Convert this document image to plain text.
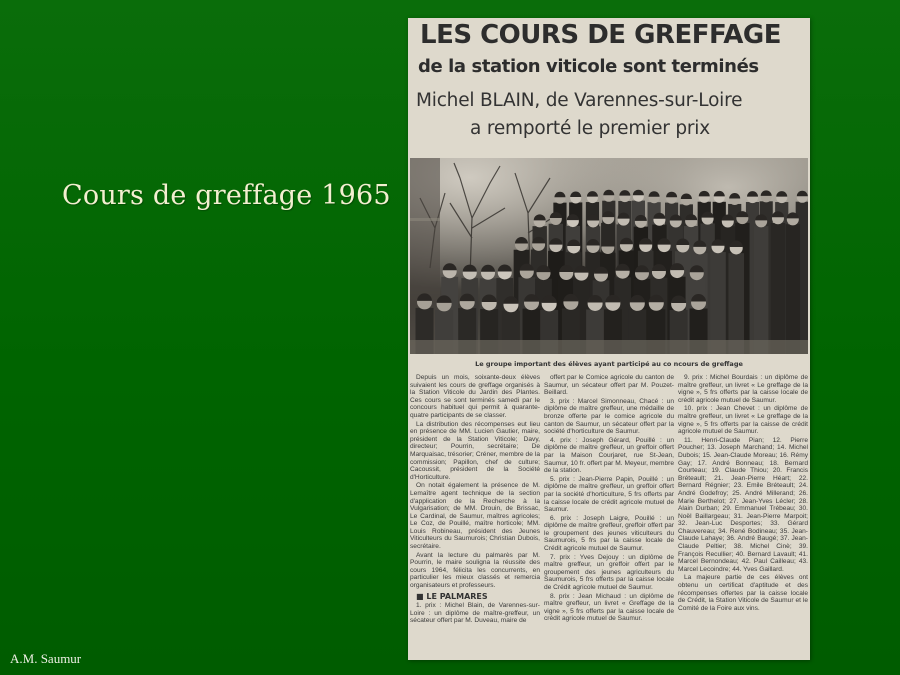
Cours de greffage 1965
A.M. Saumur
LES COURS DE GREFFAGE
de la station viticole sont terminés
Michel BLAIN, de Varennes-sur-Loire
a remporté le premier prix
Le groupe important des élèves ayant participé au co ncours de greffage

Depuis un mois, soixante-deux élèves suivaient les cours de greffage organisés à la Station Viticole du Jardin des Plantes. Ces cours se sont terminés samedi par le concours habituel qui permit à quarante-quatre participants de se classer.

La distribution des récompenses eut lieu en présence de MM. Lucien Gautier, maire, président de la Station Viticole; Davy, directeur; Pourrin, secrétaire; De Marquaisac, trésorier; Créner, membre de la commission; Papillon, chef de culture; Cacoussit, président de la Société d'Horticulture.

On notait également la présence de M. Lemaître agent technique de la section d'application de la Recherche à la Vulgarisation; de MM. Drouin, de Brissac, Le Cardinal, de Saumur, maîtres agricoles; Le Coz, de Pouillé, maître horticole; MM. Louis Robineau, président des Jeunes Viticulteurs du Saumurois; Christian Dubois, secrétaire.

Avant la lecture du palmarès par M. Pourrin, le maire souligna la réussite des cours 1964, félicita les concurrents, en particulier les mieux classés et remercia organisateurs et professeurs.

■ LE PALMARES

1. prix : Michel Blain, de Varennes-sur-Loire : un diplôme de maître-greffeur, un sécateur offert par M. Duveau, maire de

offert par le Comice agricole du canton de Saumur, un sécateur offert par M. Pouzet-Beillard.

3. prix : Marcel Simonneau, Chacé : un diplôme de maître greffeur, une médaille de bronze offerte par le comice agricole du canton de Saumur, un sécateur offert par la société d'horticulture de Saumur.

4. prix : Joseph Gérard, Pouillé : un diplôme de maître greffeur, un greffoir offert par la Maison Courjaret, rue St-Jean, Saumur, 10 fr. offert par M. Meyeur, membre de la station.

5. prix : Jean-Pierre Papin, Pouillé : un diplôme de maître greffeur, un greffoir offert par la société d'horticulture, 5 frs offerts par la caisse locale de crédit agricole mutuel de Saumur.

6. prix : Joseph Laigre, Pouillé : un diplôme de maître greffeur, greffoir offert par le groupement des jeunes viticulteurs du Saumurois, 5 frs par la caisse locale de Crédit agricole mutuel de Saumur.

7. prix : Yves Dejouy : un diplôme de maître greffeur, un greffoir offert par le groupement des jeunes agriculteurs du Saumurois, 5 frs offerts par la caisse locale de Crédit agricole mutuel de Saumur.

8. prix : Jean Michaud : un diplôme de maître greffeur, un livret « Greffage de la vigne », 5 frs offerts par la caisse locale de crédit agricole mutuel de Saumur.

9. prix : Michel Bourdais : un diplôme de maître greffeur, un livret « Le greffage de la vigne », 5 frs offerts par la caisse locale de crédit agricole mutuel de Saumur.

10. prix : Jean Chevet : un diplôme de maître greffeur, un livret « Le greffage de la vigne », 5 frs offerts par la caisse de crédit agricole mutuel de Saumur.

11. Henri-Claude Pian; 12. Pierre Poucher; 13. Joseph Marchand; 14. Michel Dubois; 15. Jean-Claude Moreau; 16. Rémy Gay; 17. André Bonneau; 18. Bernard Courteau; 19. Claude Thiou; 20. Francis Bréteault; 21. Jean-Pierre Héart; 22. Bernard Régnier; 23. Emile Bréteault; 24. André Godefroy; 25. André Millerand; 26. Marie Berthelot; 27. Jean-Yves Lécler; 28. Alain Durban; 29. Emmanuel Trébeau; 30. Noël Baillargeau; 31. Jean-Pierre Marpoit; 32. Jean-Luc Desportes; 33. Gérard Chauvereau; 34. René Bodineau; 35. Jean-Claude Lahaye; 36. André Baugé; 37. Jean-Claude Peltier; 38. Michel Cinè; 39. François Recullier; 40. Bernard Lavault; 41. Marcel Bernondeau; 42. Paul Cailleau; 43. Marcel Lecoindre; 44. Yves Gaillard.

La majeure partie de ces élèves ont obtenu un certificat d'aptitude et des récompenses offertes par la caisse locale de Crédit, la Station Viticole de Saumur et le Comité de la Foire aux vins.
